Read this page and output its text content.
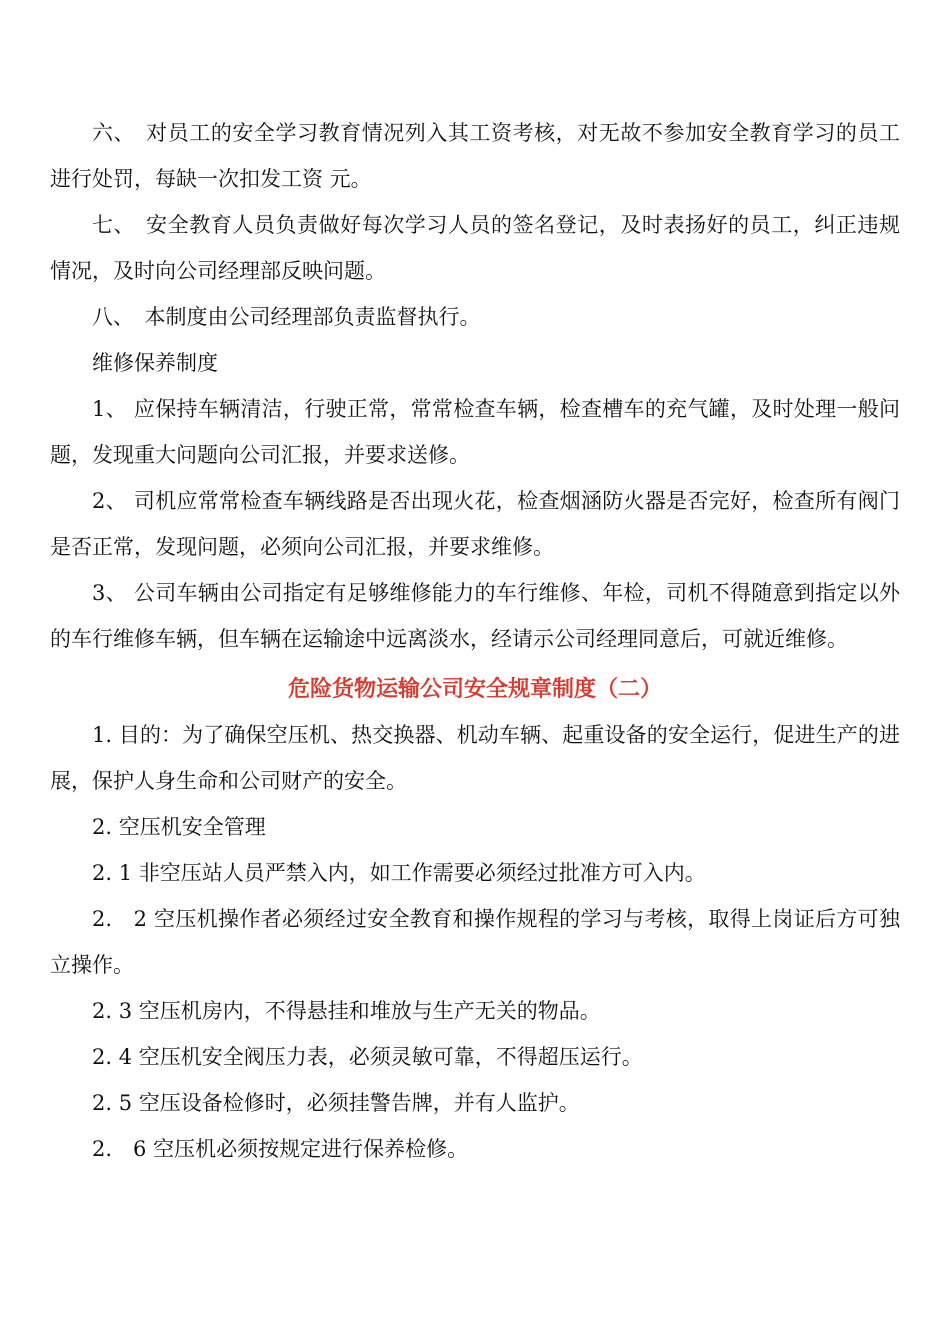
六、　对员工的安全学习教育情况列入其工资考核，对无故不参加安全教育学习的员工进行处罚，每缺一次扣发工资 元。

七、　安全教育人员负责做好每次学习人员的签名登记，及时表扬好的员工，纠正违规情况，及时向公司经理部反映问题。

八、　本制度由公司经理部负责监督执行。

维修保养制度

1、 应保持车辆清洁，行驶正常，常常检查车辆，检查槽车的充气罐，及时处理一般问题，发现重大问题向公司汇报，并要求送修。

2、 司机应常常检查车辆线路是否出现火花，检查烟涵防火器是否完好，检查所有阀门是否正常，发现问题，必须向公司汇报，并要求维修。

3、 公司车辆由公司指定有足够维修能力的车行维修、年检，司机不得随意到指定以外的车行维修车辆，但车辆在运输途中远离淡水，经请示公司经理同意后，可就近维修。

危险货物运输公司安全规章制度（二）

1. 目的：为了确保空压机、热交换器、机动车辆、起重设备的安全运行，促进生产的进展，保护人身生命和公司财产的安全。

2. 空压机安全管理

2. 1 非空压站人员严禁入内，如工作需要必须经过批准方可入内。

2.　2 空压机操作者必须经过安全教育和操作规程的学习与考核，取得上岗证后方可独立操作。

2. 3 空压机房内，不得悬挂和堆放与生产无关的物品。

2. 4 空压机安全阀压力表，必须灵敏可靠，不得超压运行。

2. 5 空压设备检修时，必须挂警告牌，并有人监护。

2.　6 空压机必须按规定进行保养检修。
